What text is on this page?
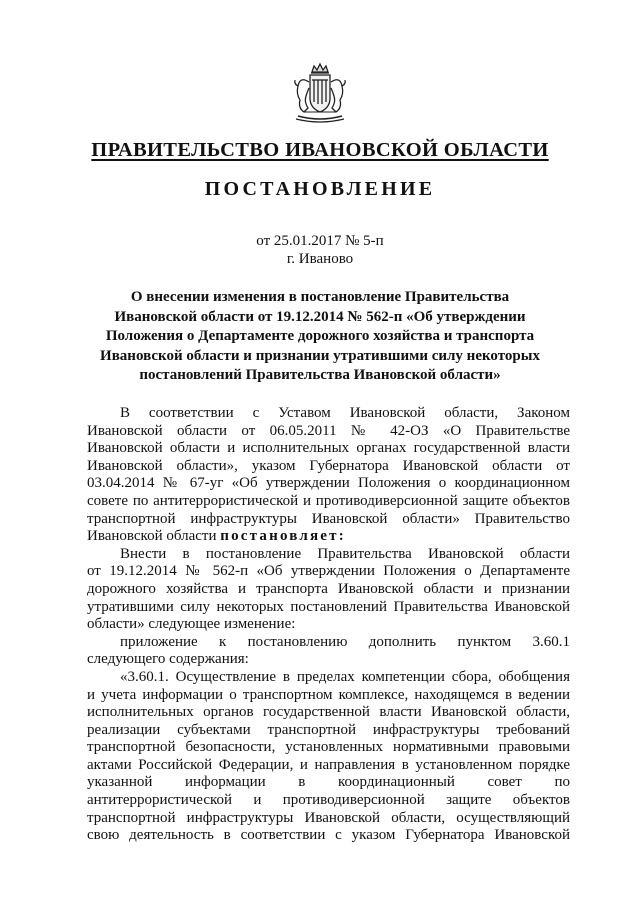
ПРАВИТЕЛЬСТВО ИВАНОВСКОЙ ОБЛАСТИ
ПОСТАНОВЛЕНИЕ
от 25.01.2017 № 5-п
г. Иваново
О внесении изменения в постановление Правительства
Ивановской области от 19.12.2014 № 562-п «Об утверждении
Положения о Департаменте дорожного хозяйства и транспорта
Ивановской области и признании утратившими силу некоторых
постановлений Правительства Ивановской области»
В соответствии с Уставом Ивановской области, Законом
Ивановской области от 06.05.2011 № 42-ОЗ «О Правительстве
Ивановской области и исполнительных органах государственной власти
Ивановской области», указом Губернатора Ивановской области от
03.04.2014 № 67-уг «Об утверждении Положения о координационном
совете по антитеррористической и противодиверсионной защите объектов
транспортной инфраструктуры Ивановской области» Правительство
Ивановской области постановляет:
Внести в постановление Правительства Ивановской области
от 19.12.2014 № 562-п «Об утверждении Положения о Департаменте
дорожного хозяйства и транспорта Ивановской области и признании
утратившими силу некоторых постановлений Правительства Ивановской
области» следующее изменение:
приложение к постановлению дополнить пунктом 3.60.1
следующего содержания:
«3.60.1. Осуществление в пределах компетенции сбора, обобщения
и учета информации о транспортном комплексе, находящемся в ведении
исполнительных органов государственной власти Ивановской области,
реализации субъектами транспортной инфраструктуры требований
транспортной безопасности, установленных нормативными правовыми
актами Российской Федерации, и направления в установленном порядке
указанной информации в координационный совет по
антитеррористической и противодиверсионной защите объектов
транспортной инфраструктуры Ивановской области, осуществляющий
свою деятельность в соответствии с указом Губернатора Ивановской
